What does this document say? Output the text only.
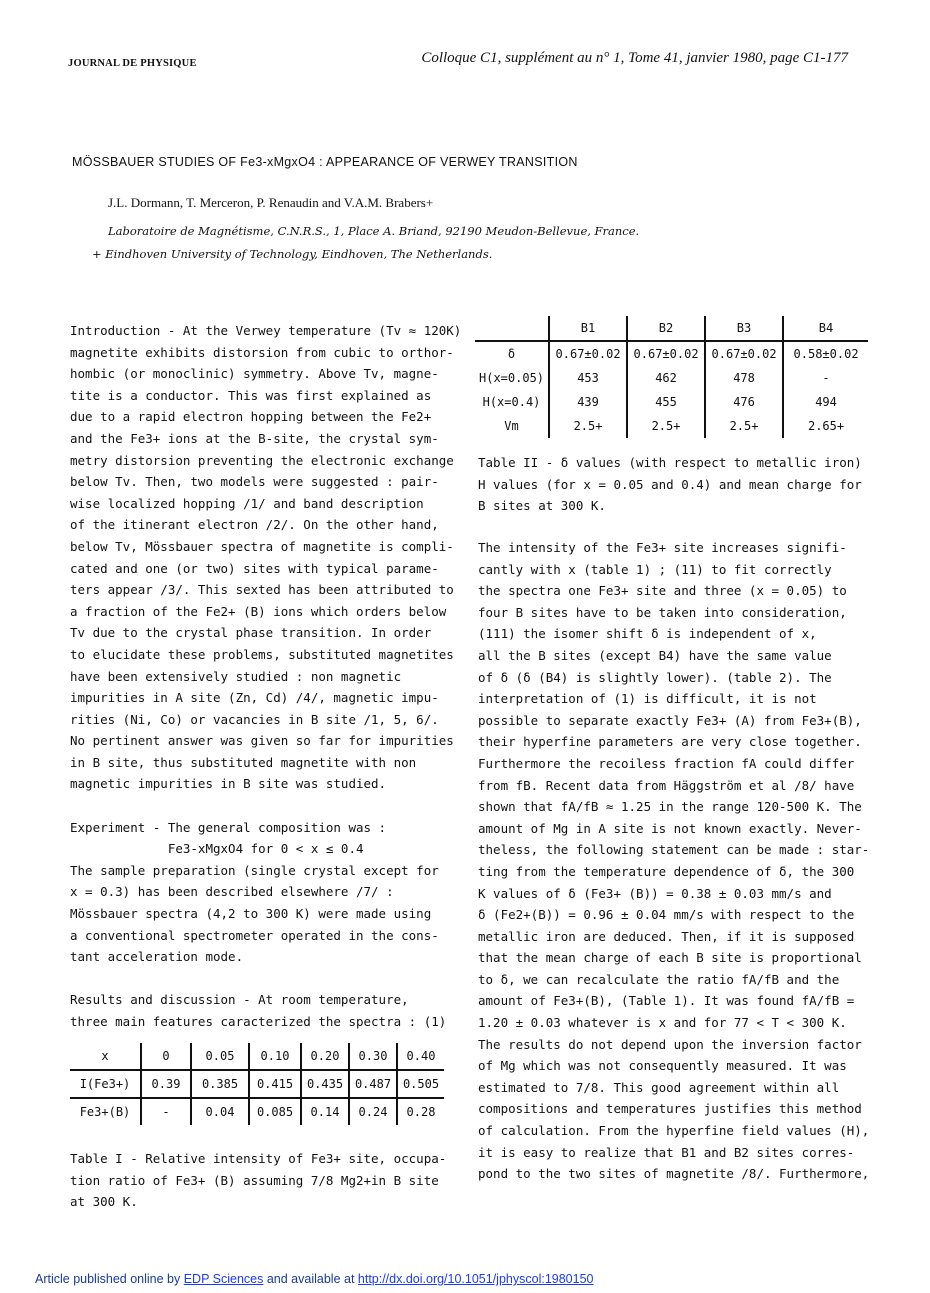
JOURNAL DE PHYSIQUE	Colloque C1, supplément au n° 1, Tome 41, janvier 1980, page C1-177
MÖSSBAUER STUDIES OF Fe3-xMgxO4 : APPEARANCE OF VERWEY TRANSITION
J.L. Dormann, T. Merceron, P. Renaudin and V.A.M. Brabers+
Laboratoire de Magnétisme, C.N.R.S., 1, Place A. Briand, 92190 Meudon-Bellevue, France.
+ Eindhoven University of Technology, Eindhoven, The Netherlands.
Introduction - At the Verwey temperature (Tv ≈ 120K)
magnetite exhibits distorsion from cubic to orthor-
hombic (or monoclinic) symmetry. Above Tv, magne-
tite is a conductor. This was first explained as
due to a rapid electron hopping between the Fe2+
and the Fe3+ ions at the B-site, the crystal sym-
metry distorsion preventing the electronic exchange
below Tv. Then, two models were suggested : pair-
wise localized hopping /1/ and band description
of the itinerant electron /2/. On the other hand,
below Tv, Mössbauer spectra of magnetite is compli-
cated and one (or two) sites with typical parame-
ters appear /3/. This sexted has been attributed to
a fraction of the Fe2+ (B) ions which orders below
Tv due to the crystal phase transition. In order
to elucidate these problems, substituted magnetites
have been extensively studied : non magnetic
impurities in A site (Zn, Cd) /4/, magnetic impu-
rities (Ni, Co) or vacancies in B site /1, 5, 6/.
No pertinent answer was given so far for impurities
in B site, thus substituted magnetite with non
magnetic impurities in B site was studied.
Experiment - The general composition was :
Fe3-xMgxO4 for 0 < x ≤ 0.4
The sample preparation (single crystal except for
x = 0.3) has been described elsewhere /7/ :
Mössbauer spectra (4,2 to 300 K) were made using
a conventional spectrometer operated in the cons-
tant acceleration mode.
Results and discussion - At room temperature,
three main features caracterized the spectra : (1)
x	0	0.05	0.10	0.20	0.30	0.40
I(Fe3+)	0.39	0.385	0.415	0.435	0.487	0.505
Fe3+(B)	-	0.04	0.085	0.14	0.24	0.28
Table I - Relative intensity of Fe3+ site, occupa-
tion ratio of Fe3+ (B) assuming 7/8 Mg2+in B site
at 300 K.
	B1	B2	B3	B4
δ	0.67±0.02	0.67±0.02	0.67±0.02	0.58±0.02
H(x=0.05)	453	462	478	-
H(x=0.4)	439	455	476	494
Vm	2.5+	2.5+	2.5+	2.65+
Table II - δ values (with respect to metallic iron)
H values (for x = 0.05 and 0.4) and mean charge for
B sites at 300 K.
The intensity of the Fe3+ site increases signifi-
cantly with x (table 1) ; (11) to fit correctly
the spectra one Fe3+ site and three (x = 0.05) to
four B sites have to be taken into consideration,
(111) the isomer shift δ is independent of x,
all the B sites (except B4) have the same value
of δ (δ (B4) is slightly lower). (table 2). The
interpretation of (1) is difficult, it is not
possible to separate exactly Fe3+ (A) from Fe3+(B),
their hyperfine parameters are very close together.
Furthermore the recoiless fraction fA could differ
from fB. Recent data from Häggström et al /8/ have
shown that fA/fB ≈ 1.25 in the range 120-500 K. The
amount of Mg in A site is not known exactly. Never-
theless, the following statement can be made : star-
ting from the temperature dependence of δ, the 300
K values of δ (Fe3+ (B)) = 0.38 ± 0.03 mm/s and
δ (Fe2+(B)) = 0.96 ± 0.04 mm/s with respect to the
metallic iron are deduced. Then, if it is supposed
that the mean charge of each B site is proportional
to δ, we can recalculate the ratio fA/fB and the
amount of Fe3+(B), (Table 1). It was found fA/fB =
1.20 ± 0.03 whatever is x and for 77 < T < 300 K.
The results do not depend upon the inversion factor
of Mg which was not consequently measured. It was
estimated to 7/8. This good agreement within all
compositions and temperatures justifies this method
of calculation. From the hyperfine field values (H),
it is easy to realize that B1 and B2 sites corres-
pond to the two sites of magnetite /8/. Furthermore,
Article published online by EDP Sciences and available at http://dx.doi.org/10.1051/jphyscol:1980150
